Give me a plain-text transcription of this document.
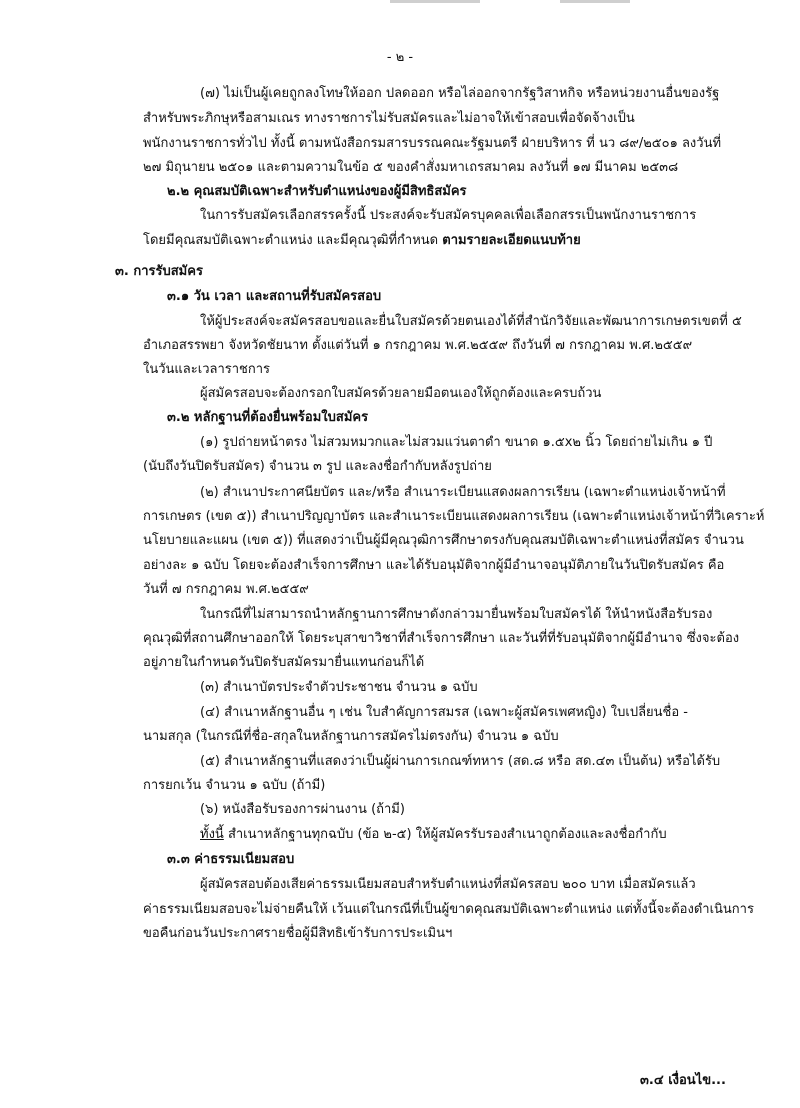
- ๒ -
(๗) ไม่เป็นผู้เคยถูกลงโทษให้ออก ปลดออก หรือไล่ออกจากรัฐวิสาหกิจ หรือหน่วยงานอื่นของรัฐ
สำหรับพระภิกษุหรือสามเณร ทางราชการไม่รับสมัครและไม่อาจให้เข้าสอบเพื่อจัดจ้างเป็น
พนักงานราชการทั่วไป ทั้งนี้ ตามหนังสือกรมสารบรรณคณะรัฐมนตรี ฝ่ายบริหาร ที่ นว ๘๙/๒๕๐๑ ลงวันที่
๒๗ มิถุนายน ๒๕๐๑ และตามความในข้อ ๕ ของคำสั่งมหาเถรสมาคม ลงวันที่ ๑๗ มีนาคม ๒๕๓๘
๒.๒ คุณสมบัติเฉพาะสำหรับตำแหน่งของผู้มีสิทธิสมัคร
ในการรับสมัครเลือกสรรครั้งนี้ ประสงค์จะรับสมัครบุคคลเพื่อเลือกสรรเป็นพนักงานราชการ
โดยมีคุณสมบัติเฉพาะตำแหน่ง และมีคุณวุฒิที่กำหนด ตามรายละเอียดแนบท้าย
๓. การรับสมัคร
๓.๑ วัน เวลา และสถานที่รับสมัครสอบ
ให้ผู้ประสงค์จะสมัครสอบขอและยื่นใบสมัครด้วยตนเองได้ที่สำนักวิจัยและพัฒนาการเกษตรเขตที่ ๕
อำเภอสรรพยา จังหวัดชัยนาท ตั้งแต่วันที่ ๑ กรกฎาคม พ.ศ.๒๕๕๙ ถึงวันที่ ๗ กรกฎาคม พ.ศ.๒๕๕๙
ในวันและเวลาราชการ
ผู้สมัครสอบจะต้องกรอกใบสมัครด้วยลายมือตนเองให้ถูกต้องและครบถ้วน
๓.๒ หลักฐานที่ต้องยื่นพร้อมใบสมัคร
(๑) รูปถ่ายหน้าตรง ไม่สวมหมวกและไม่สวมแว่นตาดำ ขนาด ๑.๕x๒ นิ้ว โดยถ่ายไม่เกิน ๑ ปี
(นับถึงวันปิดรับสมัคร) จำนวน ๓ รูป และลงชื่อกำกับหลังรูปถ่าย
(๒) สำเนาประกาศนียบัตร และ/หรือ สำเนาระเบียนแสดงผลการเรียน (เฉพาะตำแหน่งเจ้าหน้าที่
การเกษตร (เขต ๕)) สำเนาปริญญาบัตร และสำเนาระเบียนแสดงผลการเรียน (เฉพาะตำแหน่งเจ้าหน้าที่วิเคราะห์
นโยบายและแผน (เขต ๕)) ที่แสดงว่าเป็นผู้มีคุณวุฒิการศึกษาตรงกับคุณสมบัติเฉพาะตำแหน่งที่สมัคร จำนวน
อย่างละ ๑ ฉบับ โดยจะต้องสำเร็จการศึกษา และได้รับอนุมัติจากผู้มีอำนาจอนุมัติภายในวันปิดรับสมัคร คือ
วันที่ ๗ กรกฎาคม พ.ศ.๒๕๕๙
ในกรณีที่ไม่สามารถนำหลักฐานการศึกษาดังกล่าวมายื่นพร้อมใบสมัครได้ ให้นำหนังสือรับรอง
คุณวุฒิที่สถานศึกษาออกให้ โดยระบุสาขาวิชาที่สำเร็จการศึกษา และวันที่ที่รับอนุมัติจากผู้มีอำนาจ ซึ่งจะต้อง
อยู่ภายในกำหนดวันปิดรับสมัครมายื่นแทนก่อนก็ได้
(๓) สำเนาบัตรประจำตัวประชาชน จำนวน ๑ ฉบับ
(๔) สำเนาหลักฐานอื่น ๆ เช่น ใบสำคัญการสมรส (เฉพาะผู้สมัครเพศหญิง) ใบเปลี่ยนชื่อ -
นามสกุล (ในกรณีที่ชื่อ-สกุลในหลักฐานการสมัครไม่ตรงกัน) จำนวน ๑ ฉบับ
(๕) สำเนาหลักฐานที่แสดงว่าเป็นผู้ผ่านการเกณฑ์ทหาร (สด.๘ หรือ สด.๔๓ เป็นต้น) หรือได้รับ
การยกเว้น จำนวน ๑ ฉบับ (ถ้ามี)
(๖) หนังสือรับรองการผ่านงาน (ถ้ามี)
ทั้งนี้ สำเนาหลักฐานทุกฉบับ (ข้อ ๒-๕) ให้ผู้สมัครรับรองสำเนาถูกต้องและลงชื่อกำกับ
๓.๓ ค่าธรรมเนียมสอบ
ผู้สมัครสอบต้องเสียค่าธรรมเนียมสอบสำหรับตำแหน่งที่สมัครสอบ ๒๐๐ บาท เมื่อสมัครแล้ว
ค่าธรรมเนียมสอบจะไม่จ่ายคืนให้ เว้นแต่ในกรณีที่เป็นผู้ขาดคุณสมบัติเฉพาะตำแหน่ง แต่ทั้งนี้จะต้องดำเนินการ
ขอคืนก่อนวันประกาศรายชื่อผู้มีสิทธิเข้ารับการประเมินฯ
๓.๔ เงื่อนไข...
